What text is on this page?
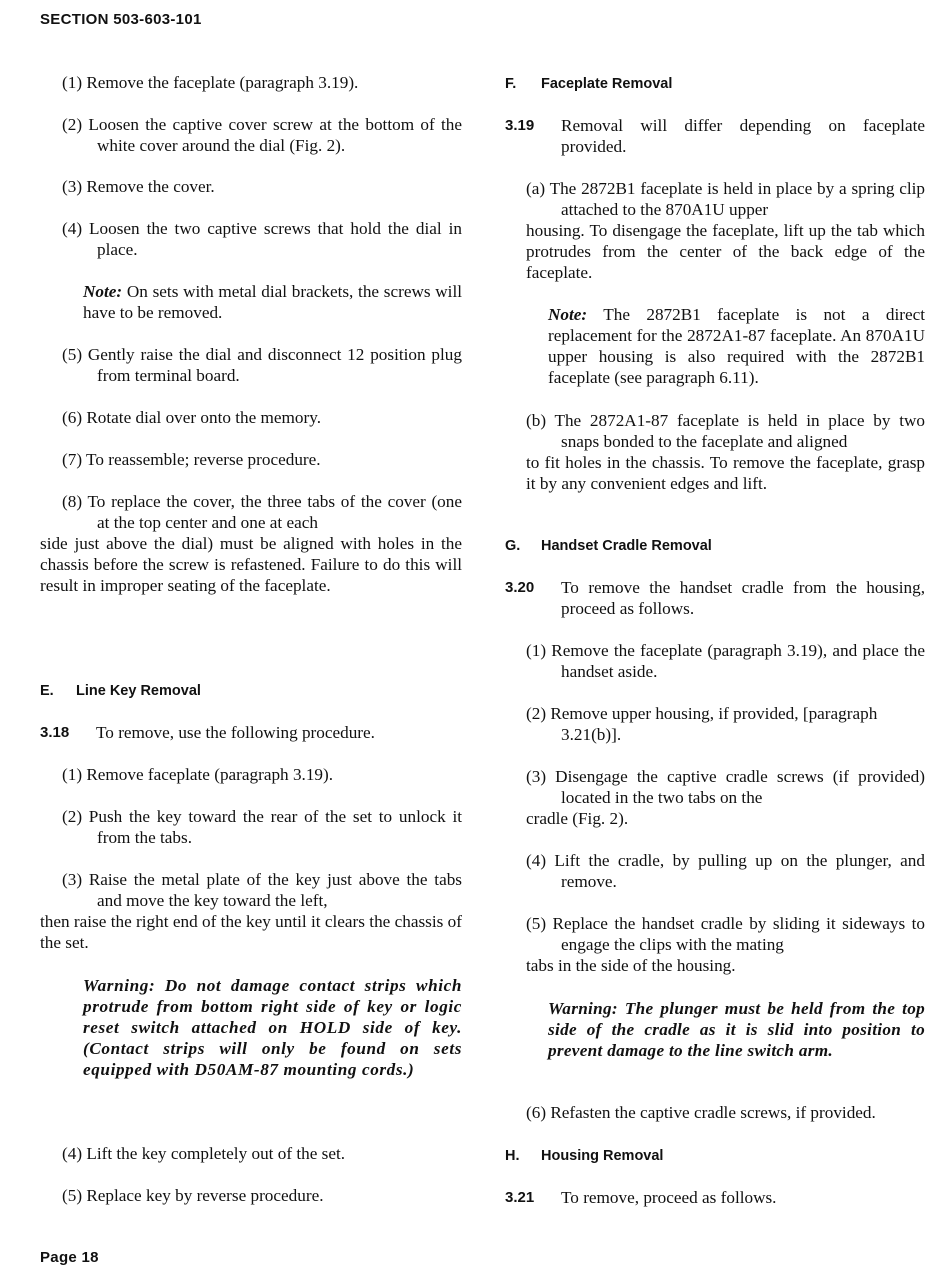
SECTION 503-603-101
(1) Remove the faceplate (paragraph 3.19).
(2) Loosen the captive cover screw at the bottom of the white cover around the dial (Fig. 2).
(3) Remove the cover.
(4) Loosen the two captive screws that hold the dial in place.
Note: On sets with metal dial brackets, the screws will have to be removed.
(5) Gently raise the dial and disconnect 12 position plug from terminal board.
(6) Rotate dial over onto the memory.
(7) To reassemble; reverse procedure.
(8) To replace the cover, the three tabs of the cover (one at the top center and one at each
side just above the dial) must be aligned with holes in the chassis before the screw is refastened. Failure to do this will result in improper seating of the faceplate.
E. Line Key Removal
3.18	To remove, use the following procedure.
(1) Remove faceplate (paragraph 3.19).
(2) Push the key toward the rear of the set to unlock it from the tabs.
(3) Raise the metal plate of the key just above the tabs and move the key toward the left,
then raise the right end of the key until it clears the chassis of the set.
Warning: Do not damage contact strips which protrude from bottom right side of key or logic reset switch attached on HOLD side of key. (Contact strips will only be found on sets equipped with D50AM-87 mounting cords.)
(4) Lift the key completely out of the set.
(5) Replace key by reverse procedure.
F. Faceplate Removal
3.19	Removal will differ depending on faceplate provided.
(a) The 2872B1 faceplate is held in place by a spring clip attached to the 870A1U upper
housing. To disengage the faceplate, lift up the tab which protrudes from the center of the back edge of the faceplate.
Note: The 2872B1 faceplate is not a direct replacement for the 2872A1-87 faceplate. An 870A1U upper housing is also required with the 2872B1 faceplate (see paragraph 6.11).
(b) The 2872A1-87 faceplate is held in place by two snaps bonded to the faceplate and aligned
to fit holes in the chassis. To remove the faceplate, grasp it by any convenient edges and lift.
G. Handset Cradle Removal
3.20	To remove the handset cradle from the housing, proceed as follows.
(1) Remove the faceplate (paragraph 3.19), and place the handset aside.
(2) Remove upper housing, if provided, [paragraph 3.21(b)].
(3) Disengage the captive cradle screws (if provided) located in the two tabs on the
cradle (Fig. 2).
(4) Lift the cradle, by pulling up on the plunger, and remove.
(5) Replace the handset cradle by sliding it sideways to engage the clips with the mating
tabs in the side of the housing.
Warning: The plunger must be held from the top side of the cradle as it is slid into position to prevent damage to the line switch arm.
(6) Refasten the captive cradle screws, if provided.
H. Housing Removal
3.21	To remove, proceed as follows.
Page 18
